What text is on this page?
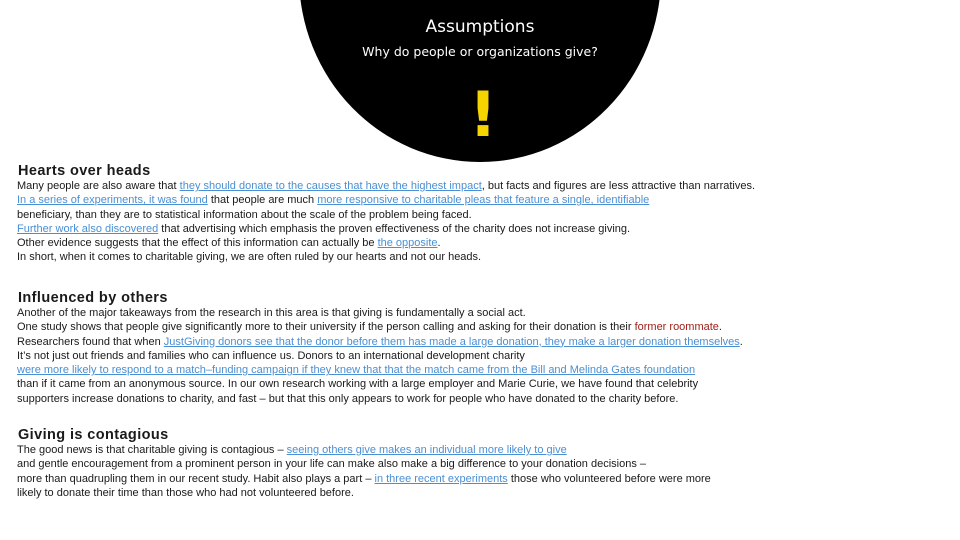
Assumptions
Why do people or organizations give?
!
Hearts over heads
Many people are also aware that they should donate to the causes that have the highest impact, but facts and figures are less attractive than narratives.
In a series of experiments, it was found that people are much more responsive to charitable pleas that feature a single, identifiable
beneficiary, than they are to statistical information about the scale of the problem being faced.
Further work also discovered that advertising which emphasis the proven effectiveness of the charity does not increase giving.
Other evidence suggests that the effect of this information can actually be the opposite.
In short, when it comes to charitable giving, we are often ruled by our hearts and not our heads.
Influenced by others
Another of the major takeaways from the research in this area is that giving is fundamentally a social act.
One study shows that people give significantly more to their university if the person calling and asking for their donation is their former roommate.
Researchers found that when JustGiving donors see that the donor before them has made a large donation, they make a larger donation themselves.
It’s not just out friends and families who can influence us. Donors to an international development charity
were more likely to respond to a match–funding campaign if they knew that that the match came from the Bill and Melinda Gates foundation
than if it came from an anonymous source. In our own research working with a large employer and Marie Curie, we have found that celebrity
supporters increase donations to charity, and fast – but that this only appears to work for people who have donated to the charity before.
Giving is contagious
The good news is that charitable giving is contagious – seeing others give makes an individual more likely to give
and gentle encouragement from a prominent person in your life can make also make a big difference to your donation decisions –
more than quadrupling them in our recent study. Habit also plays a part – in three recent experiments those who volunteered before were more
likely to donate their time than those who had not volunteered before.
